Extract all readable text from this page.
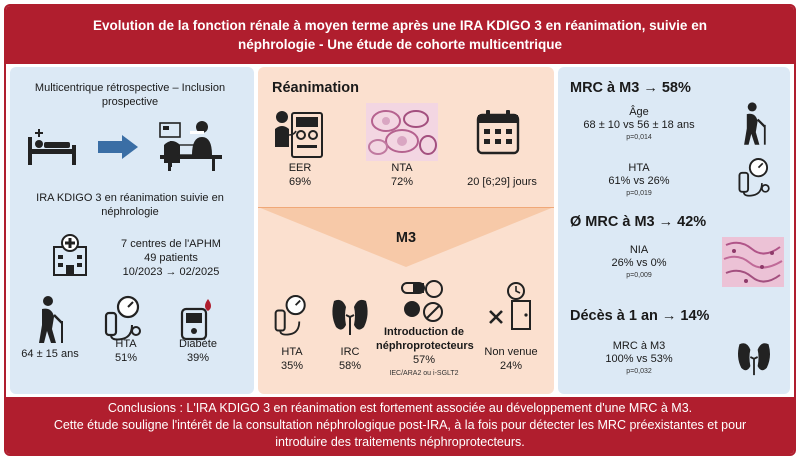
Evolution de la fonction rénale à moyen terme après une IRA KDIGO 3 en réanimation, suivie en néphrologie - Une étude de cohorte multicentrique
Multicentrique rétrospective – Inclusion prospective
IRA KDIGO 3 en réanimation suivie en néphrologie
7 centres de l'APHM
49 patients
10/2023 → 02/2025
64 ± 15 ans
HTA
51%
Diabète
39%
Réanimation
EER
69%
NTA
72%	20 [6;29] jours
M3
HTA
35%
IRC
58%
Introduction de néphroprotecteurs
57%
IEC/ARA2 ou i-SGLT2
Non venue
24%
MRC à M3 → 58%
Âge
68 ± 10 vs 56 ± 18 ans
p=0,014
HTA
61% vs 26%
p=0,019
Ø MRC à M3 → 42%
NIA
26% vs 0%
p=0,009
Décès à 1 an → 14%
MRC à M3
100% vs 53%
p=0,032
Conclusions : L'IRA KDIGO 3 en réanimation est fortement associée au développement d'une MRC à M3.
Cette étude souligne l'intérêt de la consultation néphrologique post-IRA, à la fois pour détecter les MRC préexistantes et pour introduire des traitements néphroprotecteurs.
